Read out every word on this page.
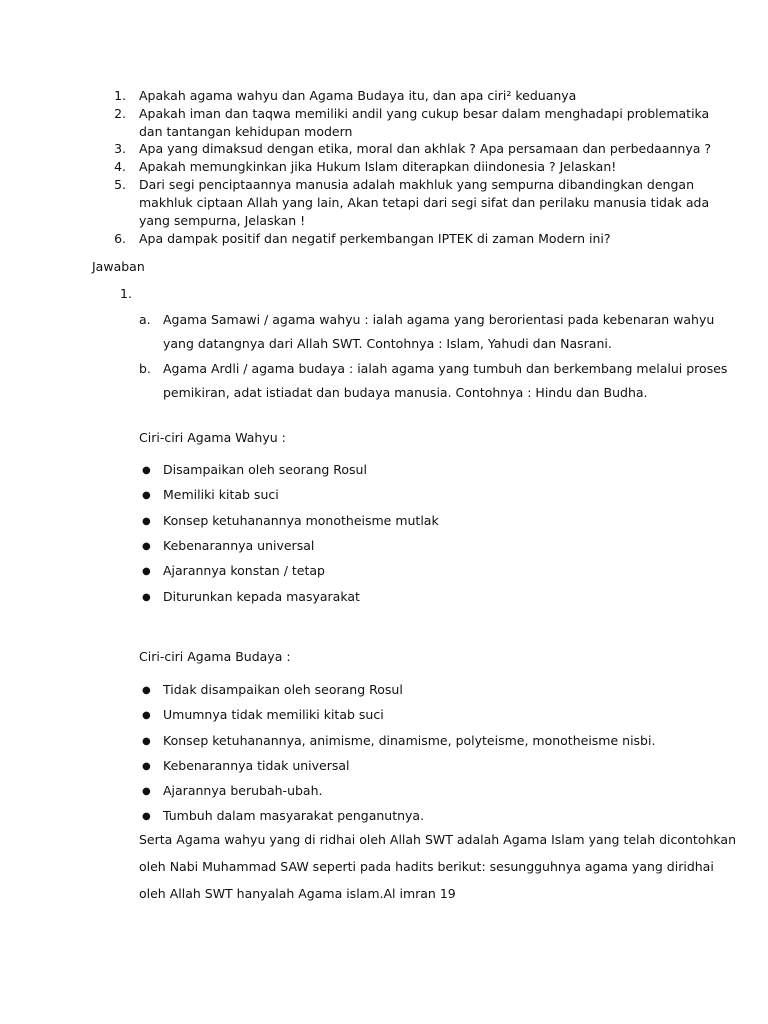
1. Apakah agama wahyu dan Agama Budaya itu, dan apa ciri² keduanya
2. Apakah iman dan taqwa memiliki andil yang cukup besar dalam menghadapi problematika
dan tantangan kehidupan modern
3. Apa yang dimaksud dengan etika, moral dan akhlak ? Apa persamaan dan perbedaannya ?
4. Apakah memungkinkan jika Hukum Islam diterapkan diindonesia ? Jelaskan!
5. Dari segi penciptaannya manusia adalah makhluk yang sempurna dibandingkan dengan
makhluk ciptaan Allah yang lain, Akan tetapi dari segi sifat dan perilaku manusia tidak ada
yang sempurna, Jelaskan !
6. Apa dampak positif dan negatif perkembangan IPTEK di zaman Modern ini?
Jawaban
1.
a. Agama Samawi / agama wahyu : ialah agama yang berorientasi pada kebenaran wahyu
yang datangnya dari Allah SWT. Contohnya : Islam, Yahudi dan Nasrani.
b. Agama Ardli / agama budaya : ialah agama yang tumbuh dan berkembang melalui proses
pemikiran, adat istiadat dan budaya manusia. Contohnya : Hindu dan Budha.
Ciri-ciri Agama Wahyu :
● Disampaikan oleh seorang Rosul
● Memiliki kitab suci
● Konsep ketuhanannya monotheisme mutlak
● Kebenarannya universal
● Ajarannya konstan / tetap
● Diturunkan kepada masyarakat
Ciri-ciri Agama Budaya :
● Tidak disampaikan oleh seorang Rosul
● Umumnya tidak memiliki kitab suci
● Konsep ketuhanannya, animisme, dinamisme, polyteisme, monotheisme nisbi.
● Kebenarannya tidak universal
● Ajarannya berubah-ubah.
● Tumbuh dalam masyarakat penganutnya.
Serta Agama wahyu yang di ridhai oleh Allah SWT adalah Agama Islam yang telah dicontohkan
oleh Nabi Muhammad SAW seperti pada hadits berikut: sesungguhnya agama yang diridhai
oleh Allah SWT hanyalah Agama islam.Al imran 19
